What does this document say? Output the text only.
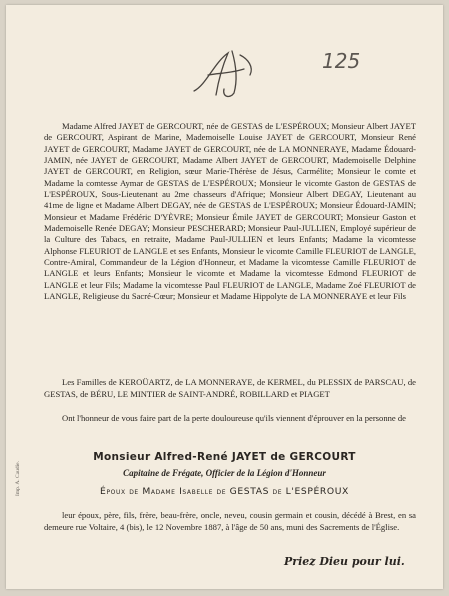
125

Madame Alfred JAYET de GERCOURT, née de GESTAS de L'ESPÉROUX; Monsieur Albert JAYET de GERCOURT, Aspirant de Marine, Mademoiselle Louise JAYET de GERCOURT, Monsieur René JAYET de GERCOURT, Madame JAYET de GERCOURT, née de LA MONNERAYE, Madame Édouard-JAMIN, née JAYET de GERCOURT, Madame Albert JAYET de GERCOURT, Mademoiselle Delphine JAYET de GERCOURT, en Religion, sœur Marie-Thérèse de Jésus, Carmélite; Monsieur le comte et Madame la comtesse Aymar de GESTAS de L'ESPÉROUX; Monsieur le vicomte Gaston de GESTAS de L'ESPÉROUX, Sous-Lieutenant au 2me chasseurs d'Afrique; Monsieur Albert DEGAY, Lieutenant au 41me de ligne et Madame Albert DEGAY, née de GESTAS de L'ESPÉROUX; Monsieur Édouard-JAMIN; Monsieur et Madame Frédéric D'YÈVRE; Monsieur Émile JAYET de GERCOURT; Monsieur Gaston et Mademoiselle Renée DEGAY; Monsieur PESCHERARD; Monsieur Paul-JULLIEN, Employé supérieur de la Culture des Tabacs, en retraite, Madame Paul-JULLIEN et leurs Enfants; Madame la vicomtesse Alphonse FLEURIOT de LANGLE et ses Enfants, Monsieur le vicomte Camille FLEURIOT de LANGLE, Contre-Amiral, Commandeur de la Légion d'Honneur, et Madame la vicomtesse Camille FLEURIOT de LANGLE et leurs Enfants; Monsieur le vicomte et Madame la vicomtesse Edmond FLEURIOT de LANGLE et leur Fils; Madame la vicomtesse Paul FLEURIOT de LANGLE, Madame Zoé FLEURIOT de LANGLE, Religieuse du Sacré-Cœur; Monsieur et Madame Hippolyte de LA MONNERAYE et leur Fils

Les Familles de KEROÜARTZ, de LA MONNERAYE, de KERMEL, du PLESSIX de PARSCAU, de GESTAS, de BÉRU, LE MINTIER de SAINT-ANDRÉ, ROBILLARD et PIAGET
Ont l'honneur de vous faire part de la perte douloureuse qu'ils viennent d'éprouver en la personne de
Monsieur Alfred-René JAYET de GERCOURT
Capitaine de Frégate, Officier de la Légion d'Honneur
Époux de Madame Isabelle de GESTAS de L'ESPÉROUX
leur époux, père, fils, frère, beau-frère, oncle, neveu, cousin germain et cousin, décédé à Brest, en sa demeure rue Voltaire, 4 (bis), le 12 Novembre 1887, à l'âge de 50 ans, muni des Sacrements de l'Église.
Priez Dieu pour lui.
Imp. A. Caudie.
